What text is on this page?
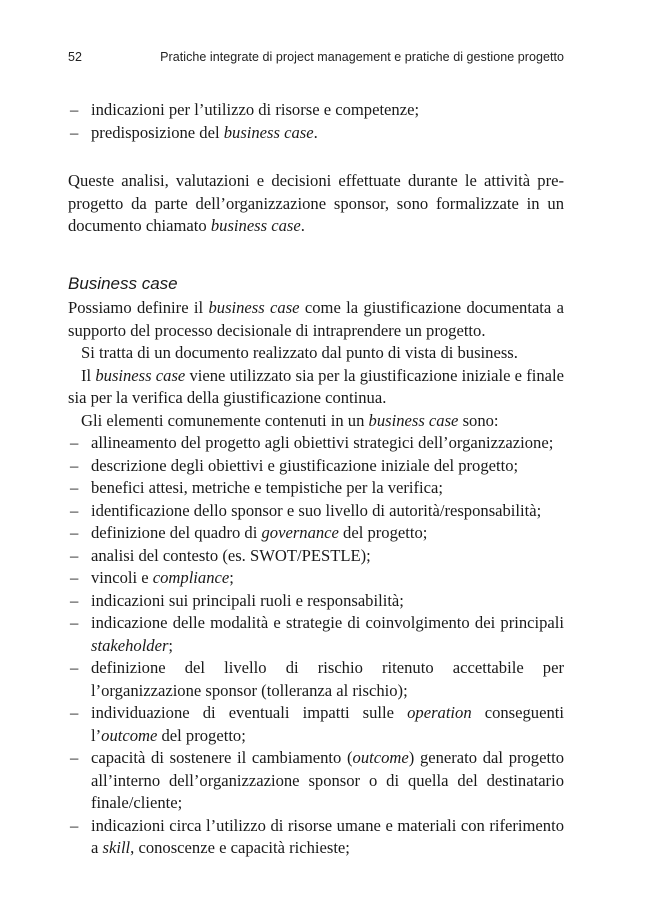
52	Pratiche integrate di project management e pratiche di gestione progetto
– indicazioni per l’utilizzo di risorse e competenze;
– predisposizione del business case.

Queste analisi, valutazioni e decisioni effettuate durante le attività pre-progetto da parte dell’organizzazione sponsor, sono formalizzate in un documento chiamato business case.

Business case

Possiamo definire il business case come la giustificazione documentata a supporto del processo decisionale di intraprendere un progetto.

Si tratta di un documento realizzato dal punto di vista di business.

Il business case viene utilizzato sia per la giustificazione iniziale e finale sia per la verifica della giustificazione continua.

Gli elementi comunemente contenuti in un business case sono:

– allineamento del progetto agli obiettivi strategici dell’organizzazione;
– descrizione degli obiettivi e giustificazione iniziale del progetto;
– benefici attesi, metriche e tempistiche per la verifica;
– identificazione dello sponsor e suo livello di autorità/responsabilità;
– definizione del quadro di governance del progetto;
– analisi del contesto (es. SWOT/PESTLE);
– vincoli e compliance;
– indicazioni sui principali ruoli e responsabilità;
– indicazione delle modalità e strategie di coinvolgimento dei principali stakeholder;
– definizione del livello di rischio ritenuto accettabile per l’organizzazione sponsor (tolleranza al rischio);
– individuazione di eventuali impatti sulle operation conseguenti l’outcome del progetto;
– capacità di sostenere il cambiamento (outcome) generato dal progetto all’interno dell’organizzazione sponsor o di quella del destinatario finale/cliente;
– indicazioni circa l’utilizzo di risorse umane e materiali con riferimento a skill, conoscenze e capacità richieste;
